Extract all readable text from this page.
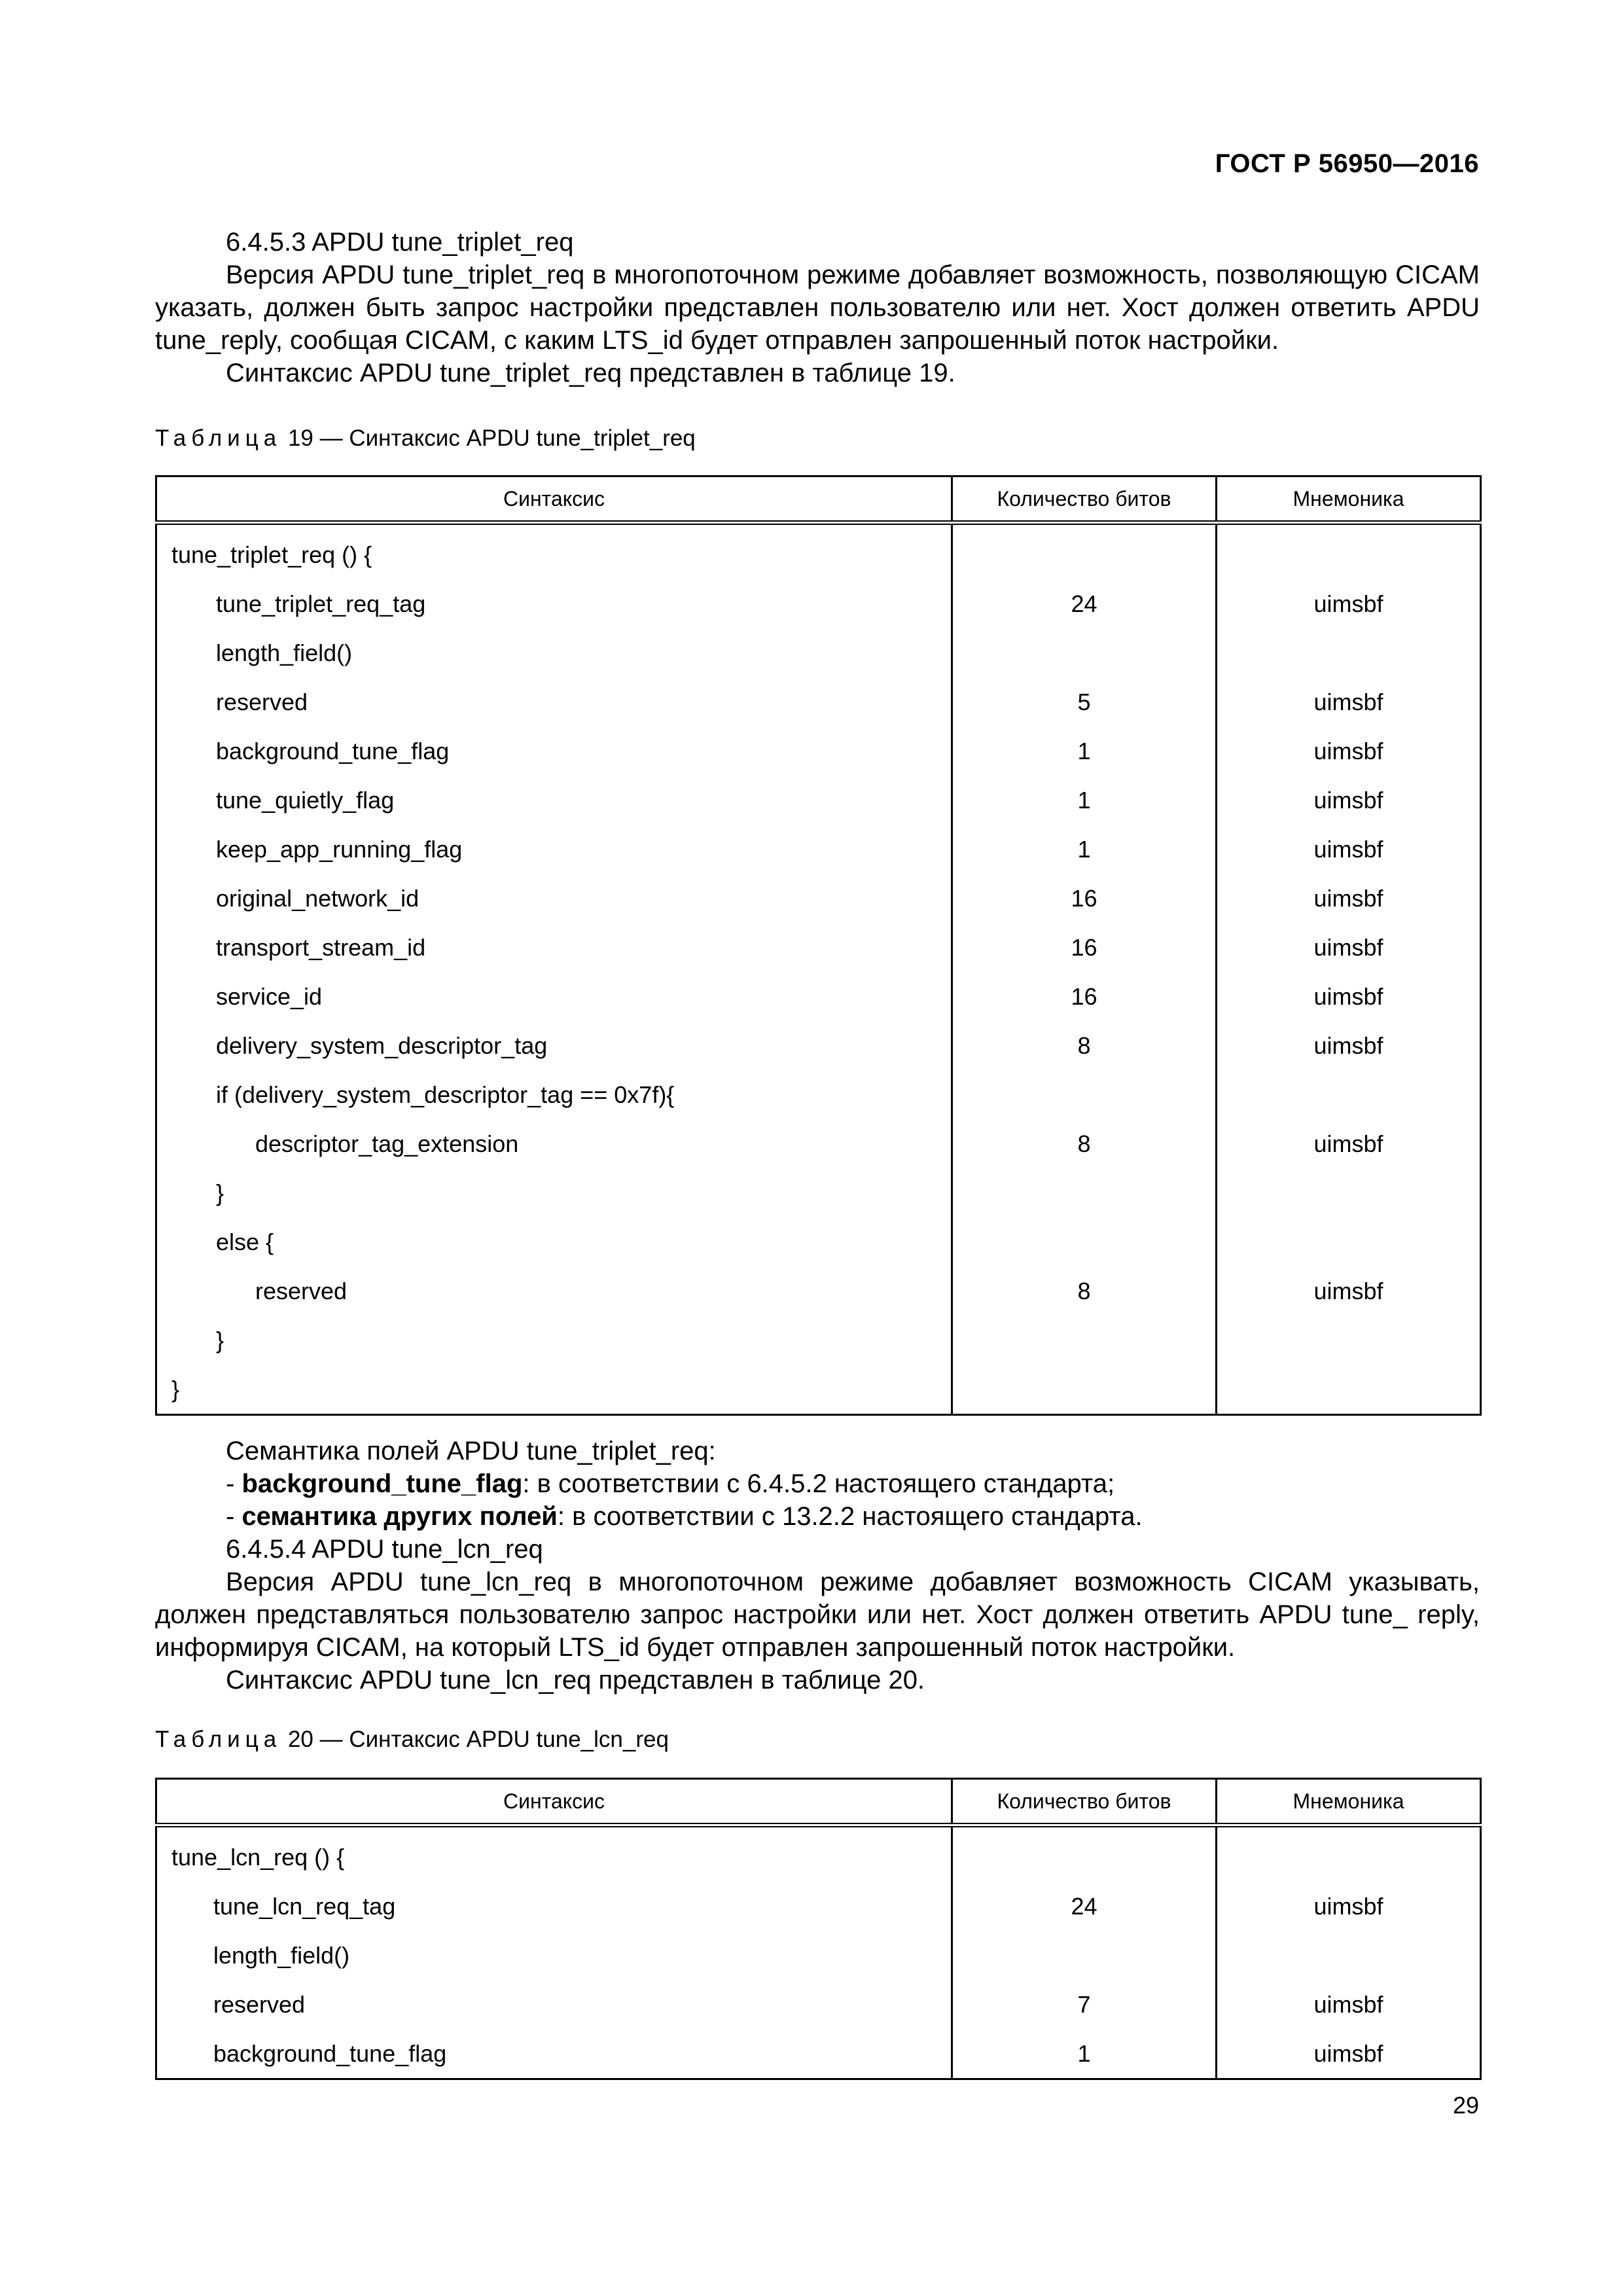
ГОСТ Р 56950—2016

6.4.5.3 APDU tune_triplet_req

Версия APDU tune_triplet_req в многопоточном режиме добавляет возможность, позволяющую CICAM указать, должен быть запрос настройки представлен пользователю или нет. Хост должен ответить APDU tune_reply, сообщая CICAM, с каким LTS_id будет отправлен запрошенный поток настройки.

Синтаксис APDU tune_triplet_req представлен в таблице 19.

Таблица 19 — Синтаксис APDU tune_triplet_req

Синтаксис	Количество битов	Мнемоника
tune_triplet_req () {		
tune_triplet_req_tag	24	uimsbf
length_field()		
reserved	5	uimsbf
background_tune_flag	1	uimsbf
tune_quietly_flag	1	uimsbf
keep_app_running_flag	1	uimsbf
original_network_id	16	uimsbf
transport_stream_id	16	uimsbf
service_id	16	uimsbf
delivery_system_descriptor_tag	8	uimsbf
if (delivery_system_descriptor_tag == 0x7f){		
descriptor_tag_extension	8	uimsbf
}		
else {		
reserved	8	uimsbf
}		
}		

Семантика полей APDU tune_triplet_req:

- background_tune_flag: в соответствии с 6.4.5.2 настоящего стандарта;
- семантика других полей: в соответствии с 13.2.2 настоящего стандарта.

6.4.5.4 APDU tune_lcn_req

Версия APDU tune_lcn_req в многопоточном режиме добавляет возможность CICAM указывать, должен представляться пользователю запрос настройки или нет. Хост должен ответить APDU tune_ reply, информируя CICAM, на который LTS_id будет отправлен запрошенный поток настройки.

Синтаксис APDU tune_lcn_req представлен в таблице 20.

Таблица 20 — Синтаксис APDU tune_lcn_req

Синтаксис	Количество битов	Мнемоника
tune_lcn_req () {		
tune_lcn_req_tag	24	uimsbf
length_field()		
reserved	7	uimsbf
background_tune_flag	1	uimsbf
29
